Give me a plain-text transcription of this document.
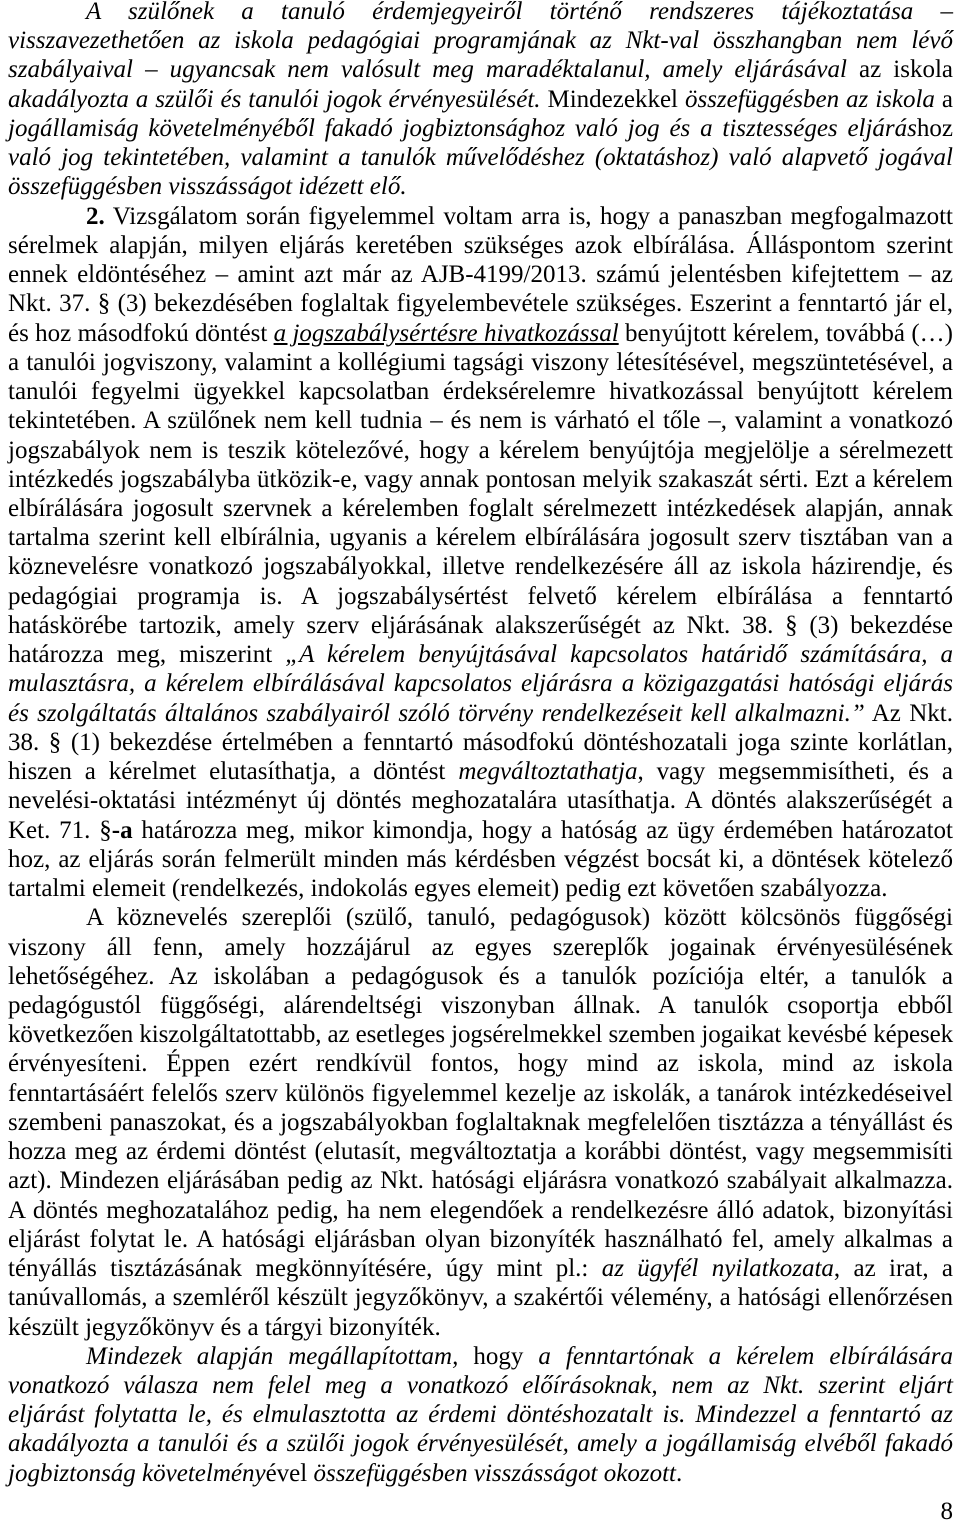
A szülőnek a tanuló érdemjegyeiről történő rendszeres tájékoztatása –
visszavezethetően az iskola pedagógiai programjának az Nkt-val összhangban nem lévő
szabályaival – ugyancsak nem valósult meg maradéktalanul, amely eljárásával az iskola
akadályozta a szülői és tanulói jogok érvényesülését. Mindezekkel összefüggésben az iskola a
jogállamiság követelményéből fakadó jogbiztonsághoz való jog és a tisztességes eljáráshoz
való jog tekintetében, valamint a tanulók művelődéshez (oktatáshoz) való alapvető jogával
összefüggésben visszásságot idézett elő.
2. Vizsgálatom során figyelemmel voltam arra is, hogy a panaszban megfogalmazott
sérelmek alapján, milyen eljárás keretében szükséges azok elbírálása. Álláspontom szerint
ennek eldöntéséhez – amint azt már az AJB-4199/2013. számú jelentésben kifejtettem – az
Nkt. 37. § (3) bekezdésében foglaltak figyelembevétele szükséges. Eszerint a fenntartó jár el,
és hoz másodfokú döntést a jogszabálysértésre hivatkozással benyújtott kérelem, továbbá (…)
a tanulói jogviszony, valamint a kollégiumi tagsági viszony létesítésével, megszüntetésével, a
tanulói fegyelmi ügyekkel kapcsolatban érdeksérelemre hivatkozással benyújtott kérelem
tekintetében. A szülőnek nem kell tudnia – és nem is várható el tőle –, valamint a vonatkozó
jogszabályok nem is teszik kötelezővé, hogy a kérelem benyújtója megjelölje a sérelmezett
intézkedés jogszabályba ütközik-e, vagy annak pontosan melyik szakaszát sérti. Ezt a kérelem
elbírálására jogosult szervnek a kérelemben foglalt sérelmezett intézkedések alapján, annak
tartalma szerint kell elbírálnia, ugyanis a kérelem elbírálására jogosult szerv tisztában van a
köznevelésre vonatkozó jogszabályokkal, illetve rendelkezésére áll az iskola házirendje, és
pedagógiai programja is. A jogszabálysértést felvető kérelem elbírálása a fenntartó
hatáskörébe tartozik, amely szerv eljárásának alakszerűségét az Nkt. 38. § (3) bekezdése
határozza meg, miszerint „A kérelem benyújtásával kapcsolatos határidő számítására, a
mulasztásra, a kérelem elbírálásával kapcsolatos eljárásra a közigazgatási hatósági eljárás
és szolgáltatás általános szabályairól szóló törvény rendelkezéseit kell alkalmazni.” Az Nkt.
38. § (1) bekezdése értelmében a fenntartó másodfokú döntéshozatali joga szinte korlátlan,
hiszen a kérelmet elutasíthatja, a döntést megváltoztathatja, vagy megsemmisítheti, és a
nevelési-oktatási intézményt új döntés meghozatalára utasíthatja. A döntés alakszerűségét a
Ket. 71. §-a határozza meg, mikor kimondja, hogy a hatóság az ügy érdemében határozatot
hoz, az eljárás során felmerült minden más kérdésben végzést bocsát ki, a döntések kötelező
tartalmi elemeit (rendelkezés, indokolás egyes elemeit) pedig ezt követően szabályozza.
A köznevelés szereplői (szülő, tanuló, pedagógusok) között kölcsönös függőségi
viszony áll fenn, amely hozzájárul az egyes szereplők jogainak érvényesülésének
lehetőségéhez. Az iskolában a pedagógusok és a tanulók pozíciója eltér, a tanulók a
pedagógustól függőségi, alárendeltségi viszonyban állnak. A tanulók csoportja ebből
következően kiszolgáltatottabb, az esetleges jogsérelmekkel szemben jogaikat kevésbé képesek
érvényesíteni. Éppen ezért rendkívül fontos, hogy mind az iskola, mind az iskola
fenntartásáért felelős szerv különös figyelemmel kezelje az iskolák, a tanárok intézkedéseivel
szembeni panaszokat, és a jogszabályokban foglaltaknak megfelelően tisztázza a tényállást és
hozza meg az érdemi döntést (elutasít, megváltoztatja a korábbi döntést, vagy megsemmisíti
azt). Mindezen eljárásában pedig az Nkt. hatósági eljárásra vonatkozó szabályait alkalmazza.
A döntés meghozatalához pedig, ha nem elegendőek a rendelkezésre álló adatok, bizonyítási
eljárást folytat le. A hatósági eljárásban olyan bizonyíték használható fel, amely alkalmas a
tényállás tisztázásának megkönnyítésére, úgy mint pl.: az ügyfél nyilatkozata, az irat, a
tanúvallomás, a szemléről készült jegyzőkönyv, a szakértői vélemény, a hatósági ellenőrzésen
készült jegyzőkönyv és a tárgyi bizonyíték.
Mindezek alapján megállapítottam, hogy a fenntartónak a kérelem elbírálására
vonatkozó válasza nem felel meg a vonatkozó előírásoknak, nem az Nkt. szerint eljárt
eljárást folytatta le, és elmulasztotta az érdemi döntéshozatalt is. Mindezzel a fenntartó az
akadályozta a tanulói és a szülői jogok érvényesülését, amely a jogállamiság elvéből fakadó
jogbiztonság követelményével összefüggésben visszásságot okozott.
8
